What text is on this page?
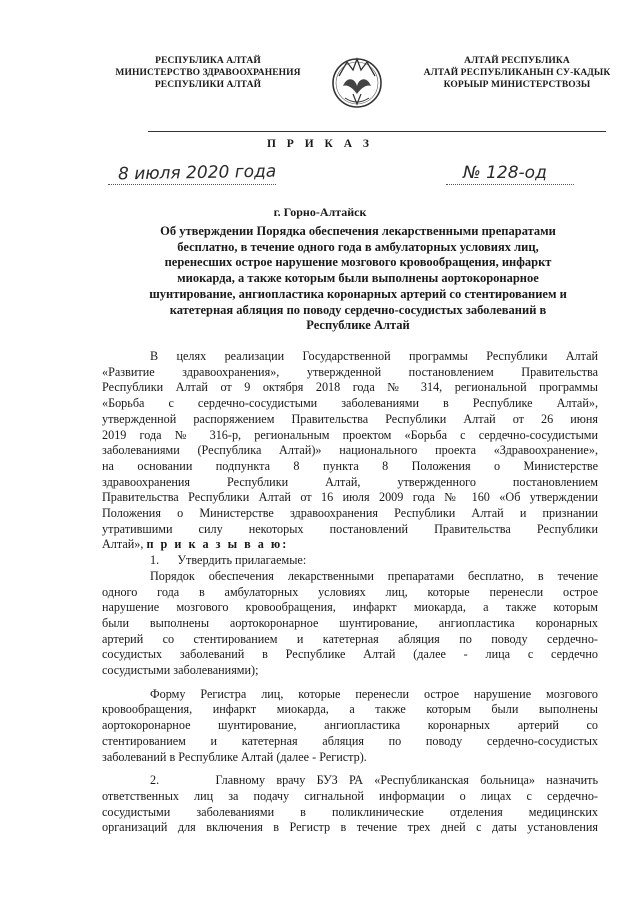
РЕСПУБЛИКА АЛТАЙ
МИНИСТЕРСТВО ЗДРАВООХРАНЕНИЯ
РЕСПУБЛИКИ АЛТАЙ
АЛТАЙ РЕСПУБЛИКА
АЛТАЙ РЕСПУБЛИКАНЫН СУ-КАДЫК
КОРЫЫР МИНИСТЕРСТВОЗЫ
П Р И К А З
8 июля 2020 года	№ 128-од
г. Горно-Алтайск
Об утверждении Порядка обеспечения лекарственными препаратами
бесплатно, в течение одного года в амбулаторных условиях лиц,
перенесших острое нарушение мозгового кровообращения, инфаркт
миокарда, а также которым были выполнены аортокоронарное
шунтирование, ангиопластика коронарных артерий со стентированием и
катетерная абляция по поводу сердечно-сосудистых заболеваний в
Республике Алтай
В целях реализации Государственной программы Республики Алтай
«Развитие здравоохранения», утвержденной постановлением Правительства
Республики Алтай от 9 октября 2018 года № 314, региональной программы
«Борьба с сердечно-сосудистыми заболеваниями в Республике Алтай»,
утвержденной распоряжением Правительства Республики Алтай от 26 июня
2019 года № 316-р, региональным проектом «Борьба с сердечно-сосудистыми
заболеваниями (Республика Алтай)» национального проекта «Здравоохранение»,
на основании подпункта 8 пункта 8 Положения о Министерстве
здравоохранения Республики Алтай, утвержденного постановлением
Правительства Республики Алтай от 16 июля 2009 года № 160 «Об утверждении
Положения о Министерстве здравоохранения Республики Алтай и признании
утратившими силу некоторых постановлений Правительства Республики
Алтай», п р и к а з ы в а ю:
1. Утвердить прилагаемые:
Порядок обеспечения лекарственными препаратами бесплатно, в течение
одного года в амбулаторных условиях лиц, которые перенесли острое
нарушение мозгового кровообращения, инфаркт миокарда, а также которым
были выполнены аортокоронарное шунтирование, ангиопластика коронарных
артерий со стентированием и катетерная абляция по поводу сердечно-
сосудистых заболеваний в Республике Алтай (далее - лица с сердечно
сосудистыми заболеваниями);
Форму Регистра лиц, которые перенесли острое нарушение мозгового
кровообращения, инфаркт миокарда, а также которым были выполнены
аортокоронарное шунтирование, ангиопластика коронарных артерий со
стентированием и катетерная абляция по поводу сердечно-сосудистых
заболеваний в Республике Алтай (далее - Регистр).
2.     Главному врачу БУЗ РА «Республиканская больница» назначить
ответственных лиц за подачу сигнальной информации о лицах с сердечно-
сосудистыми заболеваниями в поликлинические отделения медицинских
организаций для включения в Регистр в течение трех дней с даты установления
